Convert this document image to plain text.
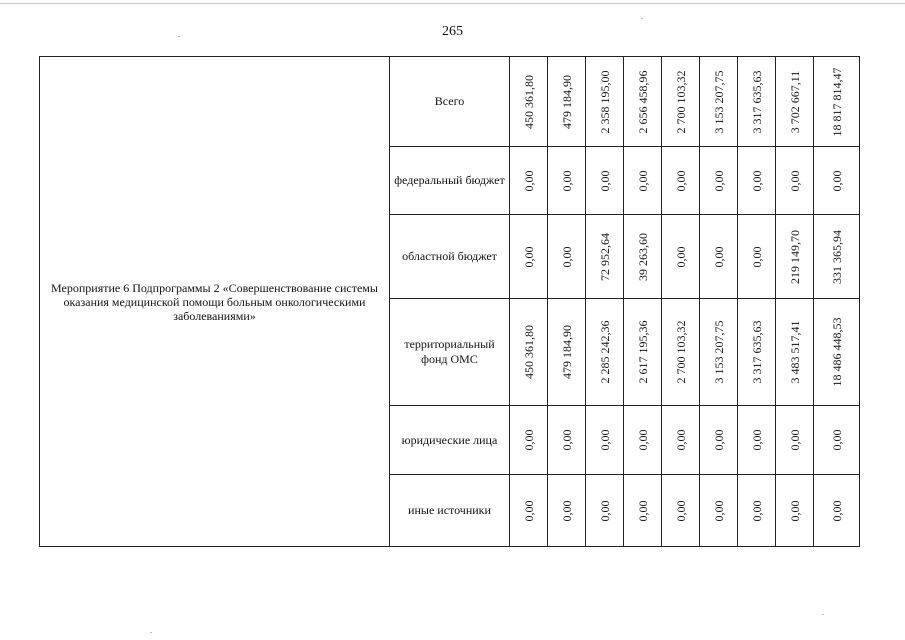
265
Мероприятие 6 Подпрограммы 2 «Совершенствование системы оказания медицинской помощи больным онкологическими заболеваниями»	Всего	450 361,80	479 184,90	2 358 195,00	2 656 458,96	2 700 103,32	3 153 207,75	3 317 635,63	3 702 667,11	18 817 814,47

	федеральный бюджет	0,00	0,00	0,00	0,00	0,00	0,00	0,00	0,00	0,00

	областной бюджет	0,00	0,00	72 952,64	39 263,60	0,00	0,00	0,00	219 149,70	331 365,94

	территориальный фонд ОМС	450 361,80	479 184,90	2 285 242,36	2 617 195,36	2 700 103,32	3 153 207,75	3 317 635,63	3 483 517,41	18 486 448,53

	юридические лица	0,00	0,00	0,00	0,00	0,00	0,00	0,00	0,00	0,00

	иные источники	0,00	0,00	0,00	0,00	0,00	0,00	0,00	0,00	0,00
